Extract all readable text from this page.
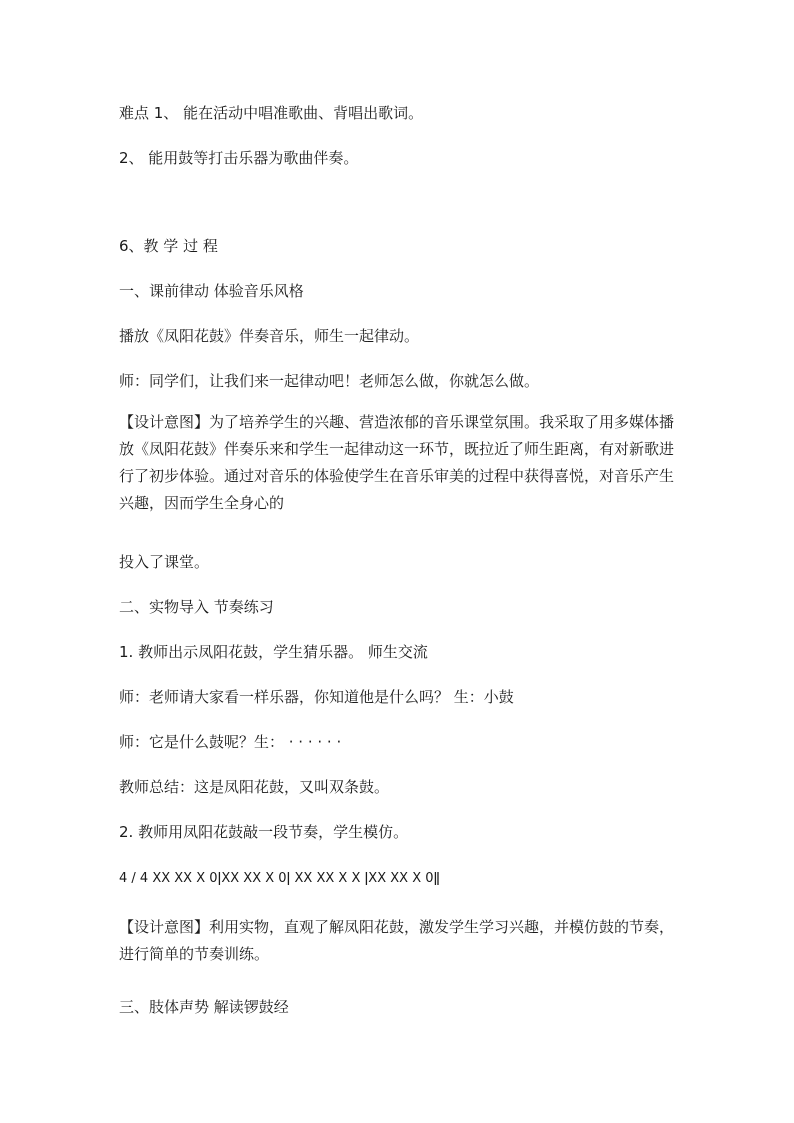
难点 1、 能在活动中唱准歌曲、背唱出歌词。
2、 能用鼓等打击乐器为歌曲伴奏。
6、教 学 过 程
一、课前律动 体验音乐风格
播放《凤阳花鼓》伴奏音乐，师生一起律动。
师：同学们，让我们来一起律动吧！老师怎么做，你就怎么做。
【设计意图】为了培养学生的兴趣、营造浓郁的音乐课堂氛围。我采取了用多媒体播放《凤阳花鼓》伴奏乐来和学生一起律动这一环节，既拉近了师生距离，有对新歌进行了初步体验。通过对音乐的体验使学生在音乐审美的过程中获得喜悦，对音乐产生兴趣，因而学生全身心的
投入了课堂。
二、实物导入 节奏练习
1. 教师出示凤阳花鼓，学生猜乐器。 师生交流
师：老师请大家看一样乐器，你知道他是什么吗？ 生：小鼓
师：它是什么鼓呢？生： · · · · · ·
教师总结：这是凤阳花鼓，又叫双条鼓。
2. 教师用凤阳花鼓敲一段节奏，学生模仿。
4 / 4 XX XX X 0ǀXX XX X 0ǀ XX XX X X ǀXX XX X 0ǁ
【设计意图】利用实物，直观了解凤阳花鼓，激发学生学习兴趣，并模仿鼓的节奏，进行简单的节奏训练。
三、肢体声势 解读锣鼓经
